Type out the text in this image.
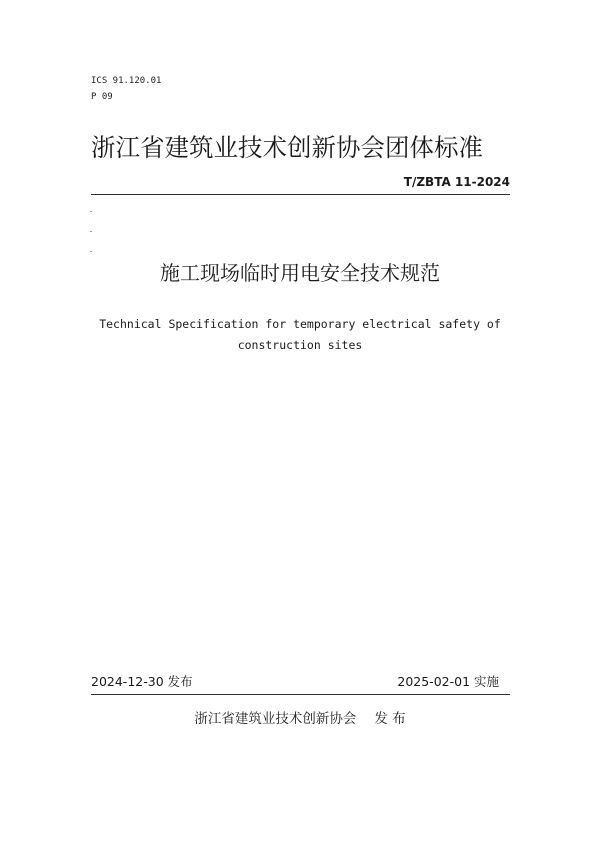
ICS 91.120.01
P 09
浙江省建筑业技术创新协会团体标准
T/ZBTA 11-2024
施工现场临时用电安全技术规范
Technical Specification for temporary electrical safety of
construction sites
2024-12-30 发布	2025-02-01 实施
浙江省建筑业技术创新协会 发 布
